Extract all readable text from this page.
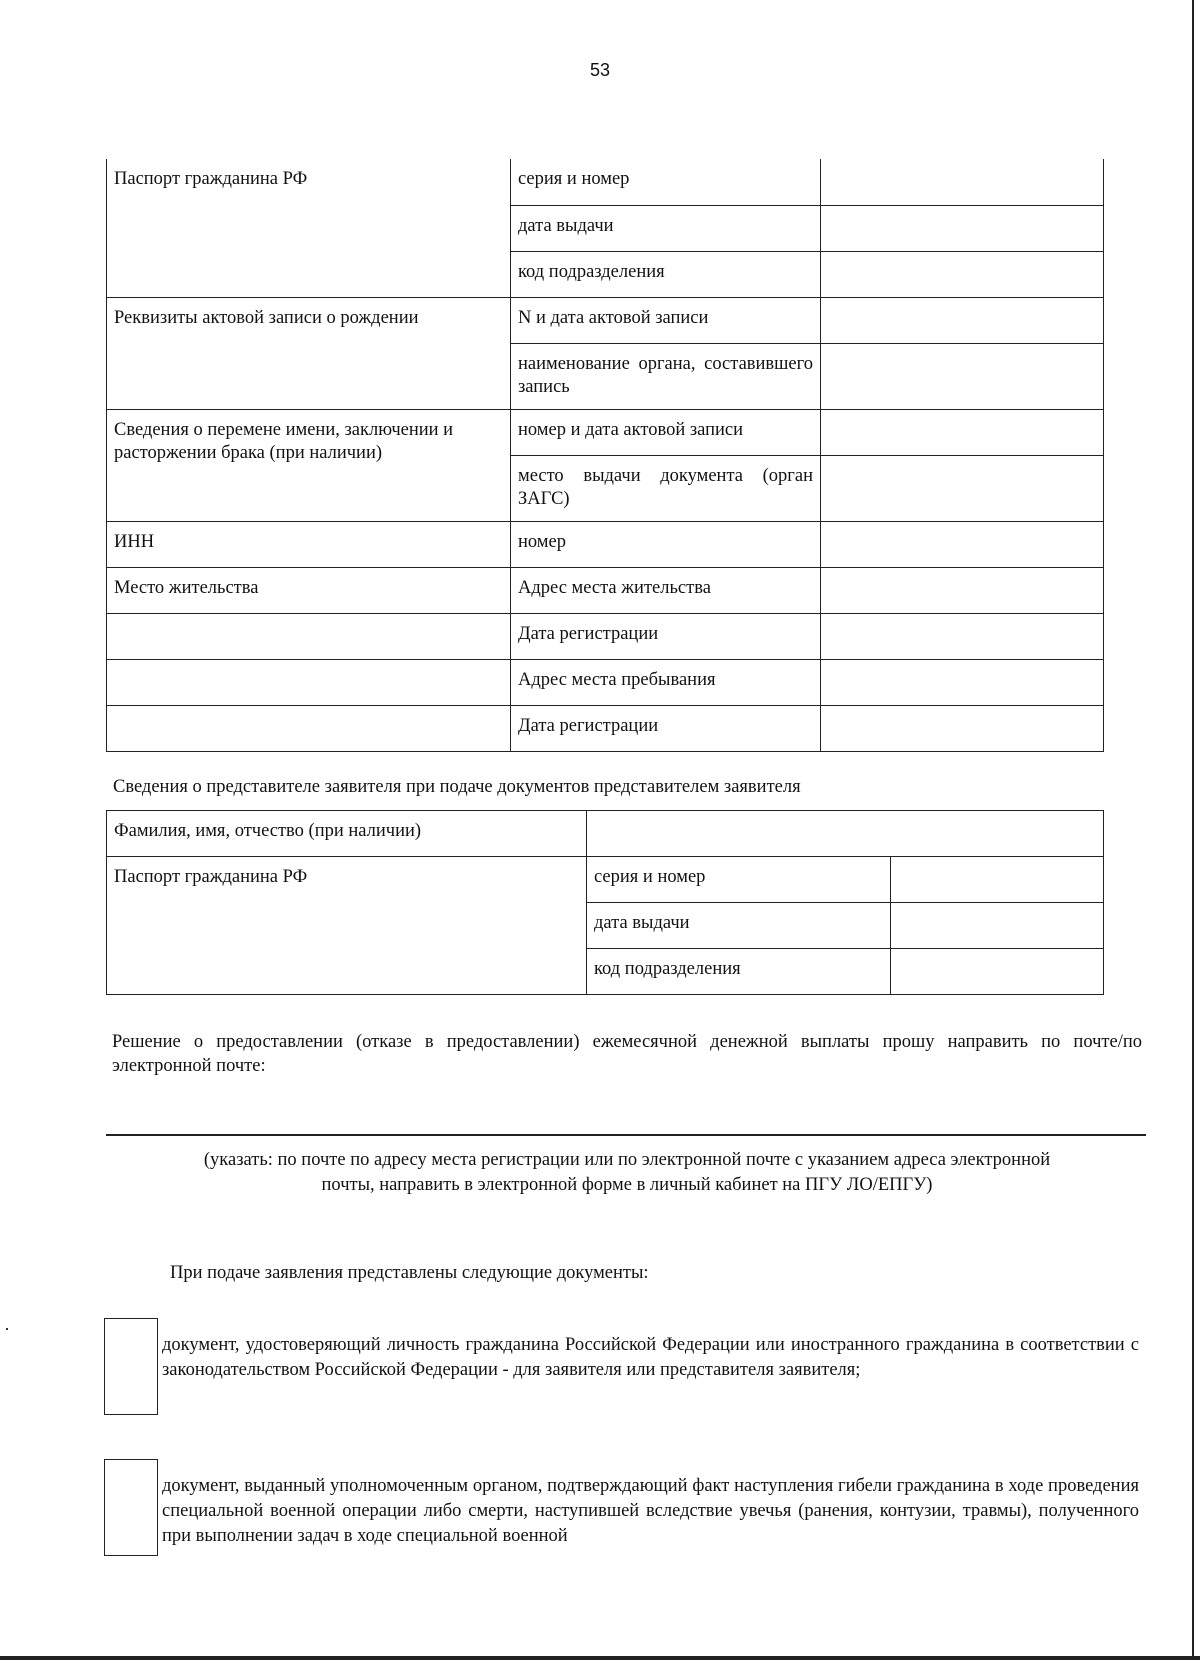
53
Паспорт гражданина РФ	серия и номер	
	дата выдачи	
	код подразделения	
Реквизиты актовой записи о рождении	N и дата актовой записи	
	наименование органа, составившего запись	
Сведения о перемене имени, заключении и расторжении брака (при наличии)	номер и дата актовой записи	
	место выдачи документа (орган ЗАГС)	
ИНН	номер	
Место жительства	Адрес места жительства	
	Дата регистрации	
	Адрес места пребывания	
	Дата регистрации	
Сведения о представителе заявителя при подаче документов представителем заявителя
Фамилия, имя, отчество (при наличии)		
Паспорт гражданина РФ	серия и номер	
	дата выдачи	
	код подразделения	
Решение о предоставлении (отказе в предоставлении) ежемесячной денежной выплаты прошу направить по почте/по электронной почте:
(указать: по почте по адресу места регистрации или по электронной почте с указанием адреса электронной
почты, направить в электронной форме в личный кабинет на ПГУ ЛО/ЕПГУ)
При подаче заявления представлены следующие документы:
документ, удостоверяющий личность гражданина Российской Федерации или иностранного гражданина в соответствии с законодательством Российской Федерации - для заявителя или представителя заявителя;
документ, выданный уполномоченным органом, подтверждающий факт наступления гибели гражданина в ходе проведения специальной военной операции либо смерти, наступившей вследствие увечья (ранения, контузии, травмы), полученного при выполнении задач в ходе специальной военной
